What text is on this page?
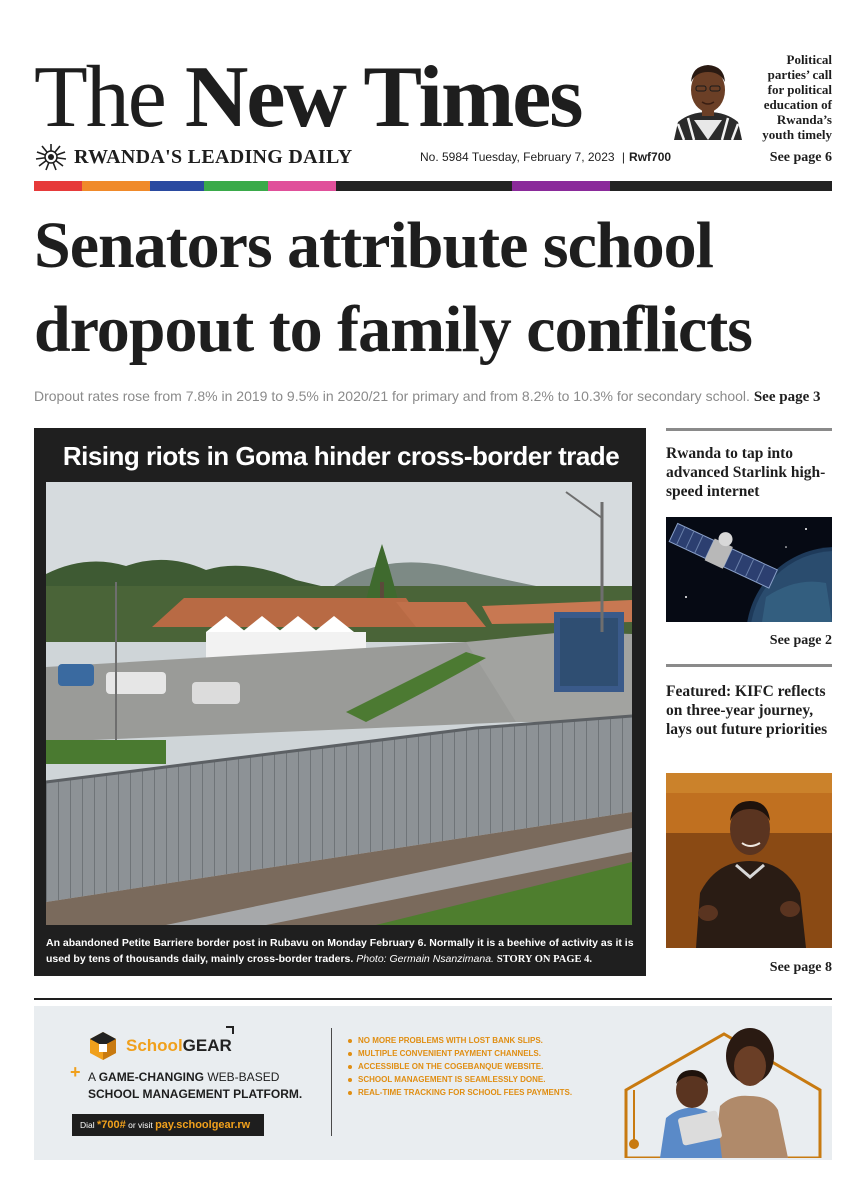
The New Times
RWANDA'S LEADING DAILY	No. 5984 Tuesday, February 7, 2023 | Rwf700
Political parties’ call for political education of Rwanda’s youth timely
See page 6
Senators attribute school dropout to family conflicts
Dropout rates rose from 7.8% in 2019 to 9.5% in 2020/21 for primary and from 8.2% to 10.3% for secondary school. See page 3
Rising riots in Goma hinder cross-border trade
An abandoned Petite Barriere border post in Rubavu on Monday February 6. Normally it is a beehive of activity as it is used by tens of thousands daily, mainly cross-border traders. Photo: Germain Nsanzimana. STORY ON PAGE 4.
Rwanda to tap into advanced Starlink high-speed internet
See page 2
Featured: KIFC reflects on three-year journey, lays out future priorities
See page 8
SchoolGEAR
+ A GAME-CHANGING WEB-BASED
SCHOOL MANAGEMENT PLATFORM.
Dial *700# or visit pay.schoolgear.rw
NO MORE PROBLEMS WITH LOST BANK SLIPS.
MULTIPLE CONVENIENT PAYMENT CHANNELS.
ACCESSIBLE ON THE COGEBANQUE WEBSITE.
SCHOOL MANAGEMENT IS SEAMLESSLY DONE.
REAL-TIME TRACKING FOR SCHOOL FEES PAYMENTS.
